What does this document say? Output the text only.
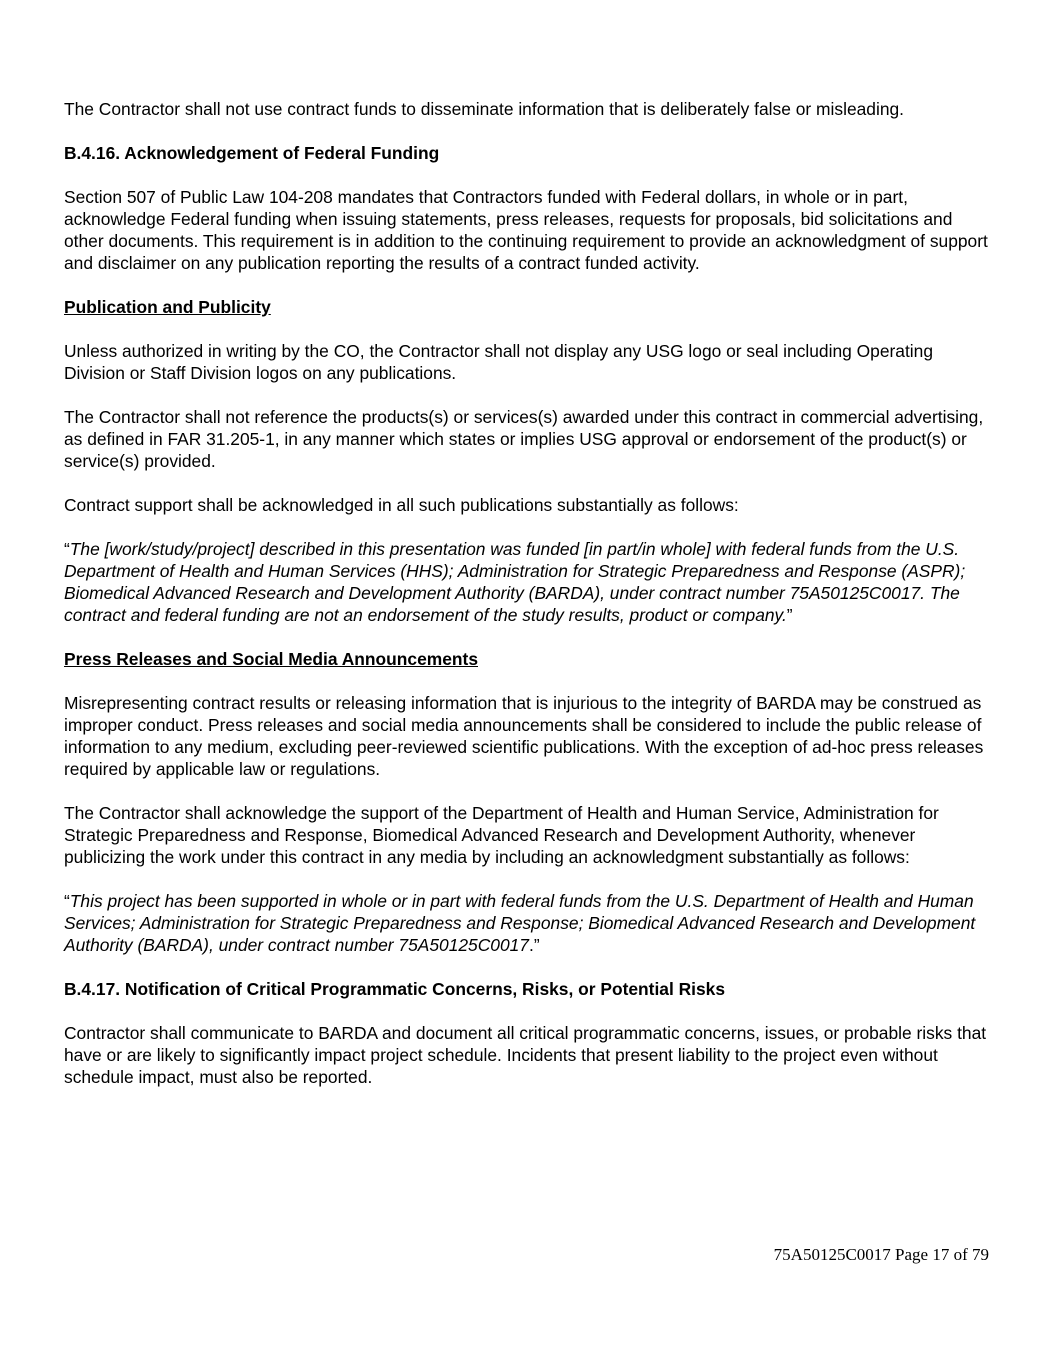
The Contractor shall not use contract funds to disseminate information that is deliberately false or misleading.

B.4.16. Acknowledgement of Federal Funding

Section 507 of Public Law 104-208 mandates that Contractors funded with Federal dollars, in whole or in part, acknowledge Federal funding when issuing statements, press releases, requests for proposals, bid solicitations and other documents. This requirement is in addition to the continuing requirement to provide an acknowledgment of support and disclaimer on any publication reporting the results of a contract funded activity.

Publication and Publicity

Unless authorized in writing by the CO, the Contractor shall not display any USG logo or seal including Operating Division or Staff Division logos on any publications.

The Contractor shall not reference the products(s) or services(s) awarded under this contract in commercial advertising, as defined in FAR 31.205-1, in any manner which states or implies USG approval or endorsement of the product(s) or service(s) provided.

Contract support shall be acknowledged in all such publications substantially as follows:

“The [work/study/project] described in this presentation was funded [in part/in whole] with federal funds from the U.S. Department of Health and Human Services (HHS); Administration for Strategic Preparedness and Response (ASPR); Biomedical Advanced Research and Development Authority (BARDA), under contract number 75A50125C0017. The contract and federal funding are not an endorsement of the study results, product or company.”

Press Releases and Social Media Announcements

Misrepresenting contract results or releasing information that is injurious to the integrity of BARDA may be construed as improper conduct. Press releases and social media announcements shall be considered to include the public release of information to any medium, excluding peer-reviewed scientific publications. With the exception of ad-hoc press releases required by applicable law or regulations.

The Contractor shall acknowledge the support of the Department of Health and Human Service, Administration for Strategic Preparedness and Response, Biomedical Advanced Research and Development Authority, whenever publicizing the work under this contract in any media by including an acknowledgment substantially as follows:

“This project has been supported in whole or in part with federal funds from the U.S. Department of Health and Human Services; Administration for Strategic Preparedness and Response; Biomedical Advanced Research and Development Authority (BARDA), under contract number 75A50125C0017.”

B.4.17. Notification of Critical Programmatic Concerns, Risks, or Potential Risks

Contractor shall communicate to BARDA and document all critical programmatic concerns, issues, or probable risks that have or are likely to significantly impact project schedule. Incidents that present liability to the project even without schedule impact, must also be reported.

75A50125C0017 Page 17 of 79
